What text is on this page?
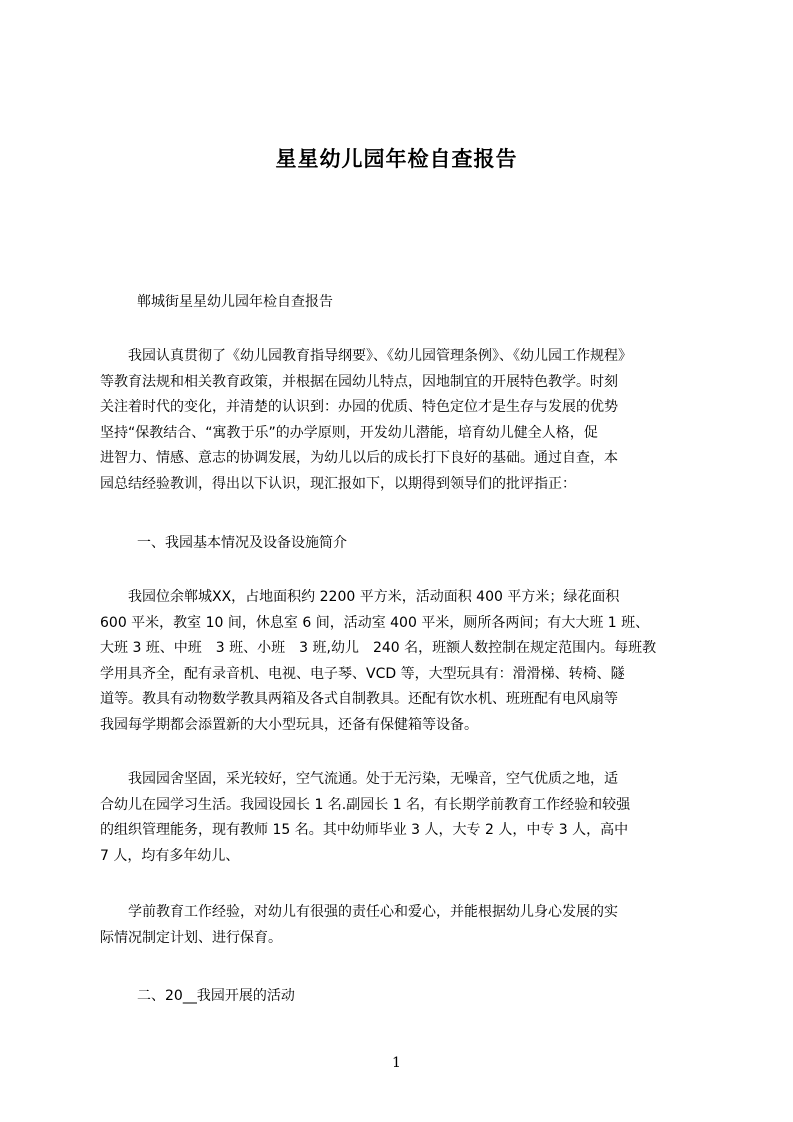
星星幼儿园年检自查报告
郸城街星星幼儿园年检自查报告
　　我园认真贯彻了《幼儿园教育指导纲要》、《幼儿园管理条例》、《幼儿园工作规程》
等教育法规和相关教育政策，并根据在园幼儿特点，因地制宜的开展特色教学。时刻
关注着时代的变化，并清楚的认识到：办园的优质、特色定位才是生存与发展的优势
坚持“保教结合、“寓教于乐”的办学原则，开发幼儿潜能，培育幼儿健全人格，促
进智力、情感、意志的协调发展，为幼儿以后的成长打下良好的基础。通过自查，本
园总结经验教训，得出以下认识，现汇报如下，以期得到领导们的批评指正：
一、我园基本情况及设备设施简介
　　我园位余郸城XX，占地面积约 2200 平方米，活动面积 400 平方米；绿花面积
600 平米，教室 10 间，休息室 6 间，活动室 400 平米，厕所各两间；有大大班 1 班、
大班 3 班、中班　3 班、小班　3 班,幼儿　240 名，班额人数控制在规定范围内。每班教
学用具齐全，配有录音机、电视、电子琴、VCD 等，大型玩具有：滑滑梯、转椅、隧
道等。教具有动物数学教具两箱及各式自制教具。还配有饮水机、班班配有电风扇等
我园每学期都会添置新的大小型玩具，还备有保健箱等设备。
　　我园园舍坚固，采光较好，空气流通。处于无污染，无噪音，空气优质之地，适
合幼儿在园学习生活。我园设园长 1 名.副园长 1 名，有长期学前教育工作经验和较强
的组织管理能务，现有教师 15 名。其中幼师毕业 3 人，大专 2 人，中专 3 人，高中
7 人，均有多年幼儿、
　　学前教育工作经验，对幼儿有很强的责任心和爱心，并能根据幼儿身心发展的实
际情况制定计划、进行保育。
二、20__我园开展的活动
1
